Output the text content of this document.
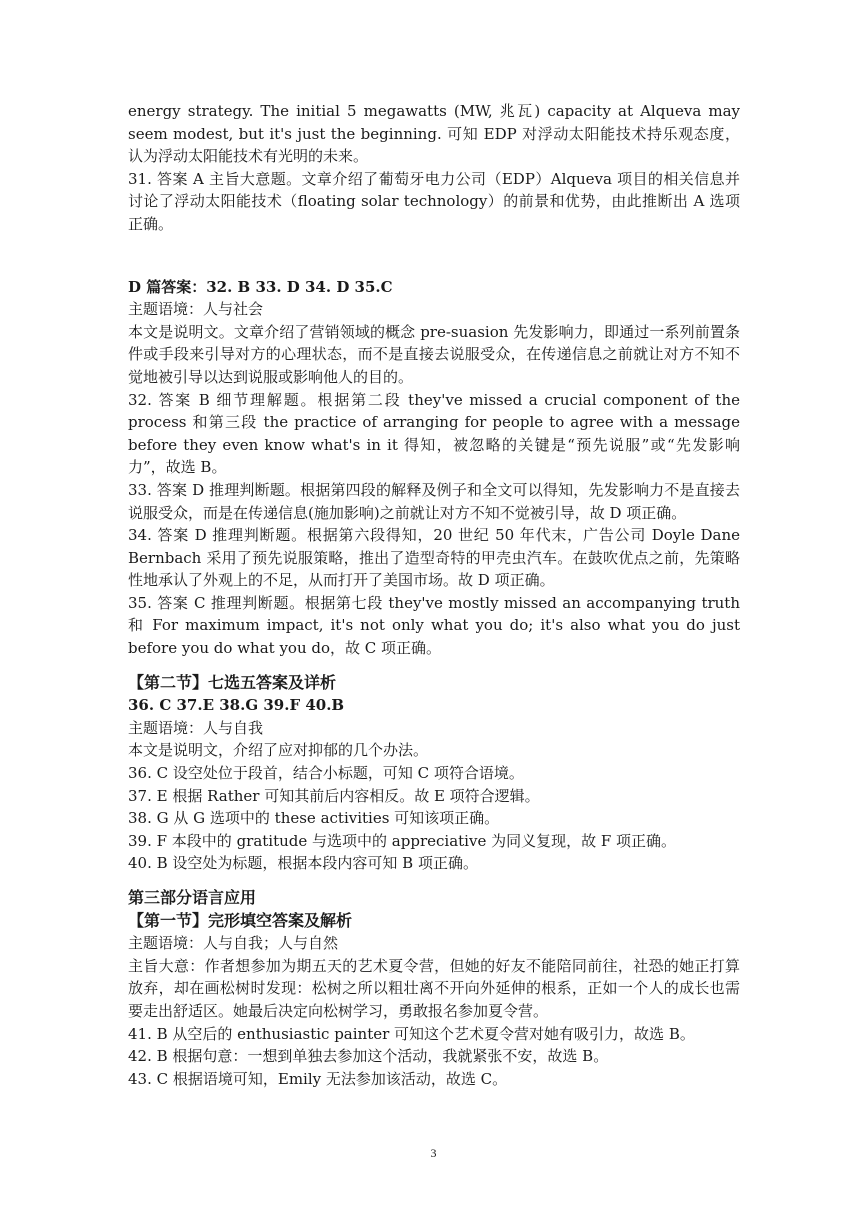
energy strategy. The initial 5 megawatts (MW, 兆瓦) capacity at Alqueva may seem modest, but it's just the beginning. 可知 EDP 对浮动太阳能技术持乐观态度，认为浮动太阳能技术有光明的未来。

31. 答案 A 主旨大意题。文章介绍了葡萄牙电力公司（EDP）Alqueva 项目的相关信息并讨论了浮动太阳能技术（floating solar technology）的前景和优势，由此推断出 A 选项正确。

D 篇答案：32. B 33. D 34. D 35.C

主题语境：人与社会

本文是说明文。文章介绍了营销领域的概念 pre-suasion 先发影响力，即通过一系列前置条件或手段来引导对方的心理状态，而不是直接去说服受众，在传递信息之前就让对方不知不觉地被引导以达到说服或影响他人的目的。

32. 答案 B 细节理解题。根据第二段 they've missed a crucial component of the process 和第三段 the practice of arranging for people to agree with a message before they even know what's in it 得知，被忽略的关键是“预先说服”或“先发影响力”，故选 B。

33. 答案 D 推理判断题。根据第四段的解释及例子和全文可以得知，先发影响力不是直接去说服受众，而是在传递信息(施加影响)之前就让对方不知不觉被引导，故 D 项正确。

34. 答案 D 推理判断题。根据第六段得知，20 世纪 50 年代末，广告公司 Doyle Dane Bernbach 采用了预先说服策略，推出了造型奇特的甲壳虫汽车。在鼓吹优点之前，先策略性地承认了外观上的不足，从而打开了美国市场。故 D 项正确。

35. 答案 C 推理判断题。根据第七段 they've mostly missed an accompanying truth 和 For maximum impact, it's not only what you do; it's also what you do just before you do what you do，故 C 项正确。

【第二节】七选五答案及详析

36. C 37.E 38.G 39.F 40.B

主题语境：人与自我

本文是说明文，介绍了应对抑郁的几个办法。

36. C 设空处位于段首，结合小标题，可知 C 项符合语境。

37. E 根据 Rather 可知其前后内容相反。故 E 项符合逻辑。

38. G 从 G 选项中的 these activities 可知该项正确。

39. F 本段中的 gratitude 与选项中的 appreciative 为同义复现，故 F 项正确。

40. B 设空处为标题，根据本段内容可知 B 项正确。

第三部分语言应用

【第一节】完形填空答案及解析

主题语境：人与自我；人与自然

主旨大意：作者想参加为期五天的艺术夏令营，但她的好友不能陪同前往，社恐的她正打算放弃，却在画松树时发现：松树之所以粗壮离不开向外延伸的根系，正如一个人的成长也需要走出舒适区。她最后决定向松树学习，勇敢报名参加夏令营。

41. B 从空后的 enthusiastic painter 可知这个艺术夏令营对她有吸引力，故选 B。

42. B 根据句意：一想到单独去参加这个活动，我就紧张不安，故选 B。

43. C 根据语境可知，Emily 无法参加该活动，故选 C。

3
